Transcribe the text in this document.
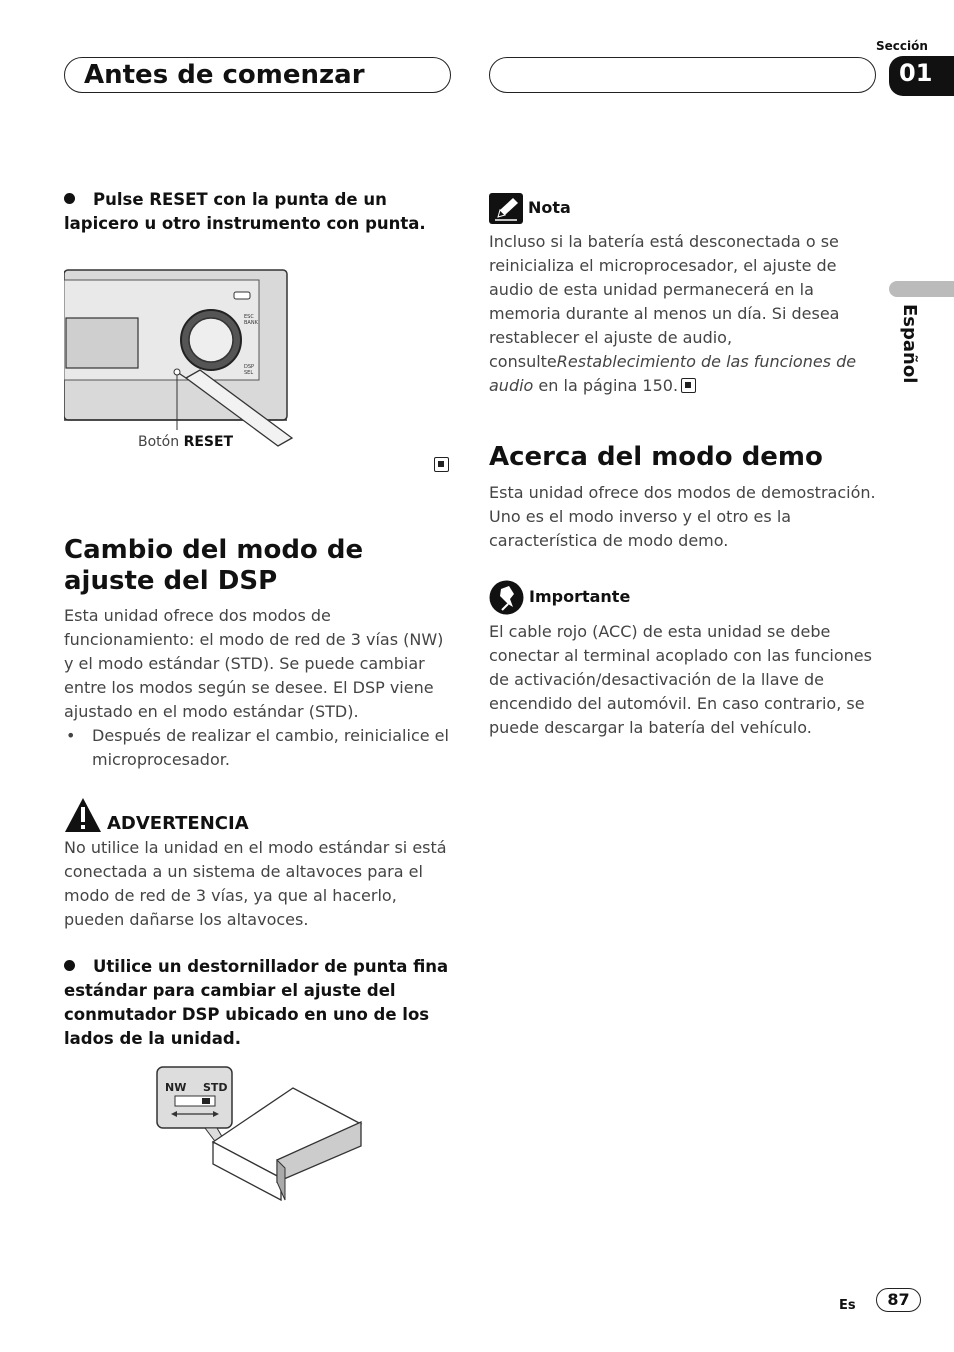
Antes de comenzar
Sección
01
Español
Pulse RESET con la punta de un lapicero u otro instrumento con punta.
ESC
BANK
DSP
SEL
Botón RESET
Cambio del modo de ajuste del DSP
Esta unidad ofrece dos modos de funcionamiento: el modo de red de 3 vías (NW) y el modo estándar (STD). Se puede cambiar entre los modos según se desee. El DSP viene ajustado en el modo estándar (STD).
•	Después de realizar el cambio, reinicialice el microprocesador.
ADVERTENCIA
No utilice la unidad en el modo estándar si está conectada a un sistema de altavoces para el modo de red de 3 vías, ya que al hacerlo, pueden dañarse los altavoces.
Utilice un destornillador de punta fina estándar para cambiar el ajuste del conmutador DSP ubicado en uno de los lados de la unidad.
NW STD
Nota
Incluso si la batería está desconectada o se reinicializa el microprocesador, el ajuste de audio de esta unidad permanecerá en la memoria durante al menos un día. Si desea restablecer el ajuste de audio, consulteRestablecimiento de las funciones de audio en la página 150.
Acerca del modo demo
Esta unidad ofrece dos modos de demostración. Uno es el modo inverso y el otro es la característica de modo demo.
Importante
El cable rojo (ACC) de esta unidad se debe conectar al terminal acoplado con las funciones de activación/desactivación de la llave de encendido del automóvil. En caso contrario, se puede descargar la batería del vehículo.
Es	87
